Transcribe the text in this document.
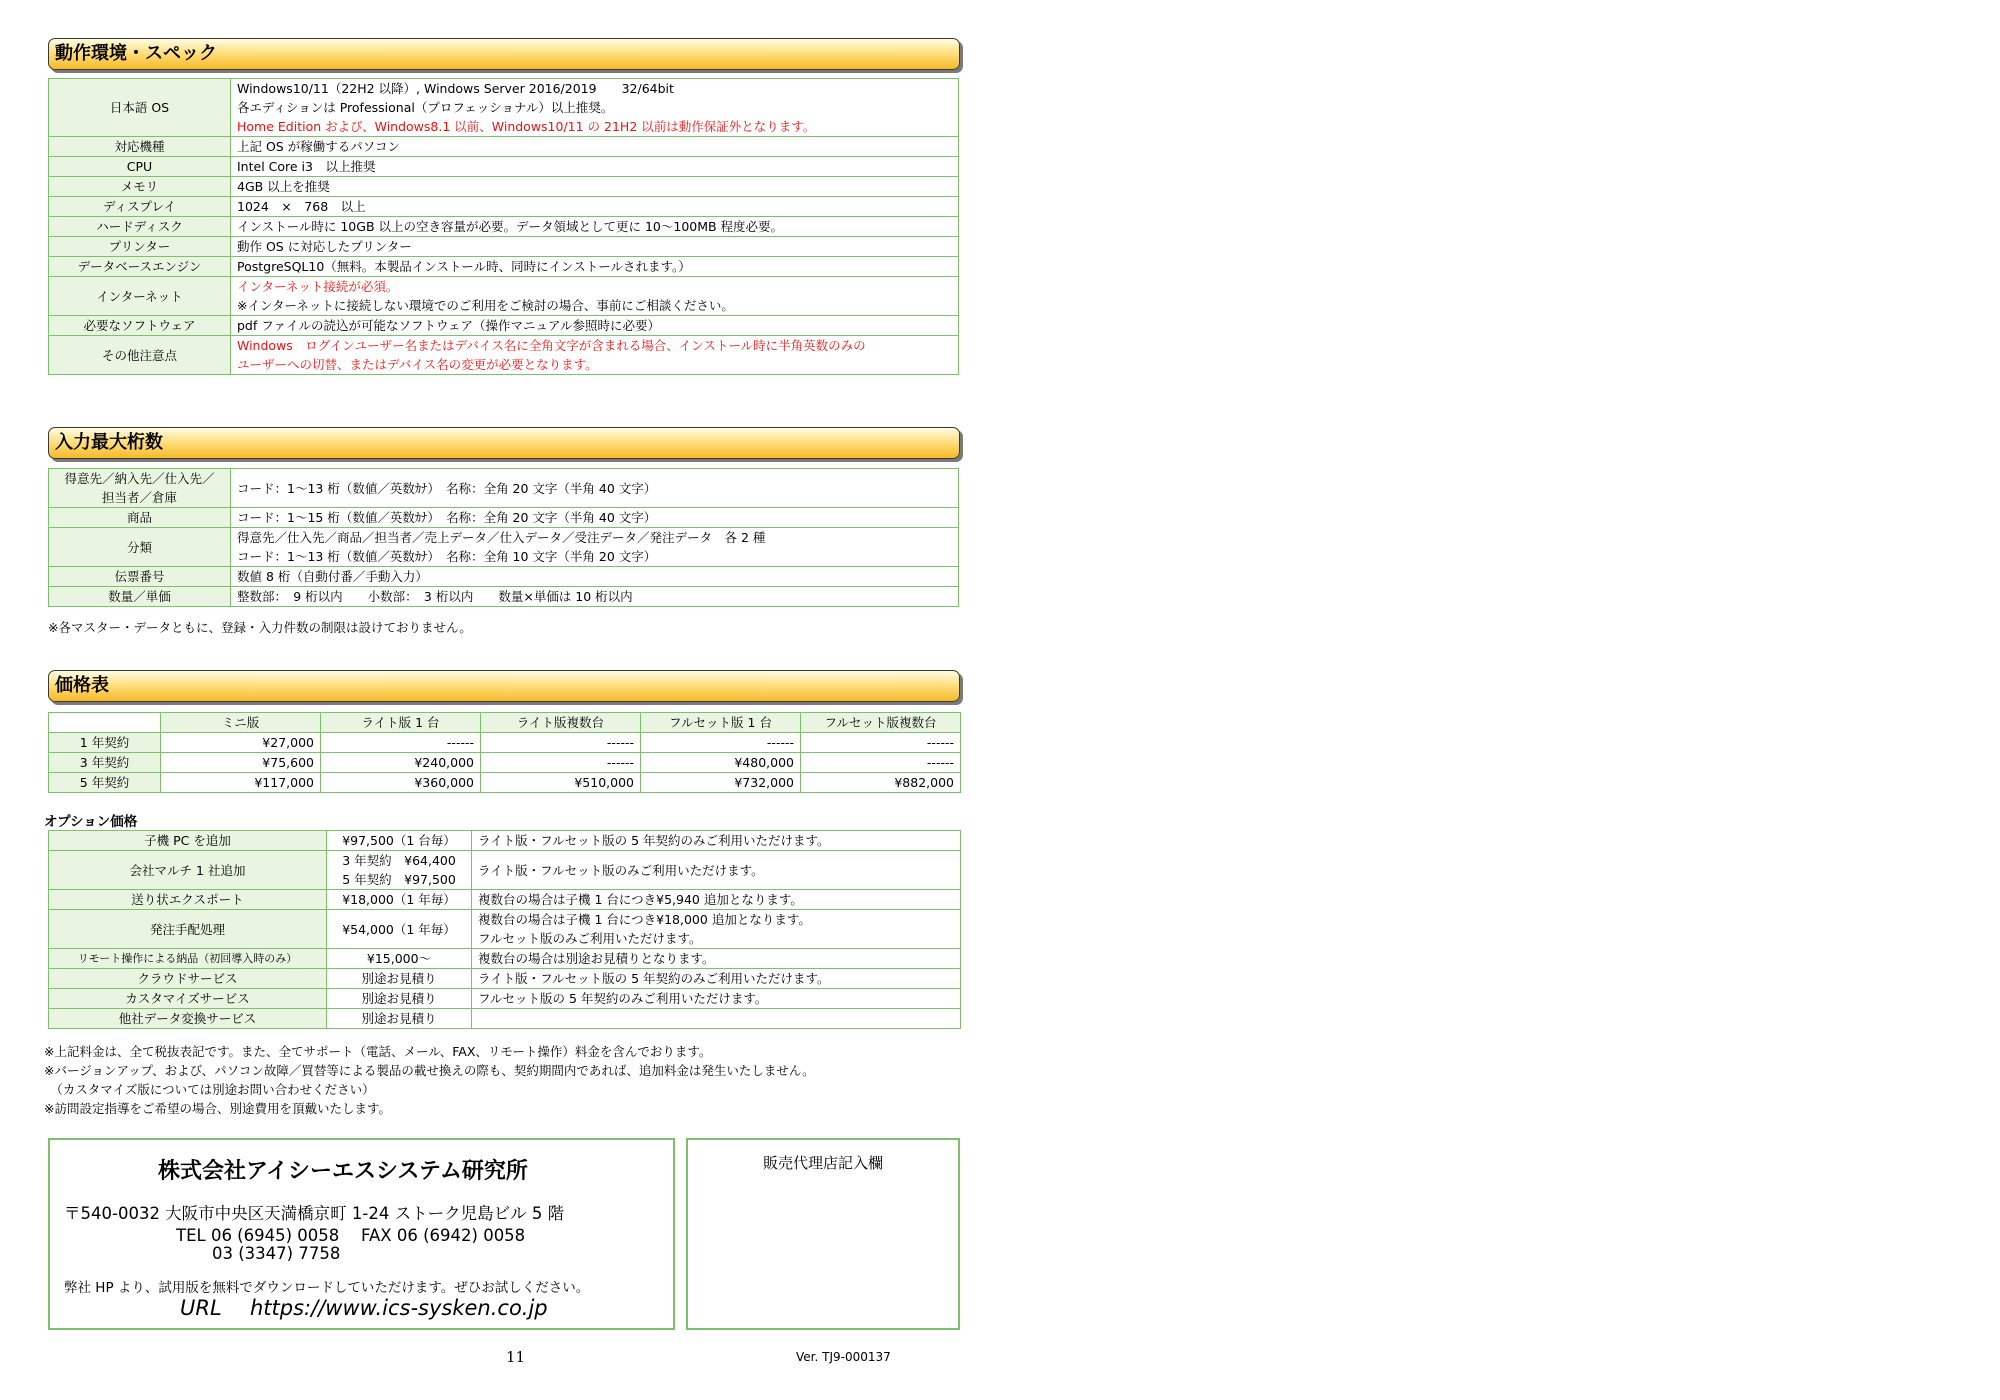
動作環境・スペック
日本語 OS	Windows10/11（22H2 以降）, Windows Server 2016/2019　　32/64bit
各エディションは Professional（プロフェッショナル）以上推奨。
Home Edition および、Windows8.1 以前、Windows10/11 の 21H2 以前は動作保証外となります。

対応機種	上記 OS が稼働するパソコン

CPU	Intel Core i3　以上推奨

メモリ	4GB 以上を推奨

ディスプレイ	1024　×　768　以上

ハードディスク	インストール時に 10GB 以上の空き容量が必要。データ領域として更に 10～100MB 程度必要。

プリンター	動作 OS に対応したプリンター

データベースエンジン	PostgreSQL10（無料。本製品インストール時、同時にインストールされます。）

インターネット	インターネット接続が必須。
※インターネットに接続しない環境でのご利用をご検討の場合、事前にご相談ください。

必要なソフトウェア	pdf ファイルの読込が可能なソフトウェア（操作マニュアル参照時に必要）

その他注意点	Windows　ログインユーザー名またはデバイス名に全角文字が含まれる場合、インストール時に半角英数のみの
ユーザーへの切替、またはデバイス名の変更が必要となります。
入力最大桁数
得意先／納入先／仕入先／
担当者／倉庫	コード：1～13 桁（数値／英数ｶﾅ）　名称：全角 20 文字（半角 40 文字）

商品	コード：1～15 桁（数値／英数ｶﾅ）　名称：全角 20 文字（半角 40 文字）

分類	得意先／仕入先／商品／担当者／売上データ／仕入データ／受注データ／発注データ　各 2 種
コード：1～13 桁（数値／英数ｶﾅ）　名称：全角 10 文字（半角 20 文字）

伝票番号	数値 8 桁（自動付番／手動入力）

数量／単価	整数部：　9 桁以内　　小数部：　3 桁以内　　数量×単価は 10 桁以内
※各マスター・データともに、登録・入力件数の制限は設けておりません。
価格表
	ミニ版	ライト版 1 台	ライト版複数台	フルセット版 1 台	フルセット版複数台
1 年契約	¥27,000	------	------	------	------
3 年契約	¥75,600	¥240,000	------	¥480,000	------
5 年契約	¥117,000	¥360,000	¥510,000	¥732,000	¥882,000
オプション価格
子機 PC を追加	¥97,500（1 台毎）	ライト版・フルセット版の 5 年契約のみご利用いただけます。

会社マルチ 1 社追加	3 年契約　¥64,400
5 年契約　¥97,500	ライト版・フルセット版のみご利用いただけます。

送り状エクスポート	¥18,000（1 年毎）	複数台の場合は子機 1 台につき¥5,940 追加となります。

発注手配処理	¥54,000（1 年毎）	複数台の場合は子機 1 台につき¥18,000 追加となります。
フルセット版のみご利用いただけます。

リモート操作による納品（初回導入時のみ）	¥15,000～	複数台の場合は別途お見積りとなります。

クラウドサービス	別途お見積り	ライト版・フルセット版の 5 年契約のみご利用いただけます。

カスタマイズサービス	別途お見積り	フルセット版の 5 年契約のみご利用いただけます。

他社データ変換サービス	別途お見積り	

※上記料金は、全て税抜表記です。また、全てサポート（電話、メール、FAX、リモート操作）料金を含んでおります。
※バージョンアップ、および、パソコン故障／買替等による製品の載せ換えの際も、契約期間内であれば、追加料金は発生いたしません。
　（カスタマイズ版については別途お問い合わせください）
※訪問設定指導をご希望の場合、別途費用を頂戴いたします。
株式会社アイシーエスシステム研究所
〒540-0032 大阪市中央区天満橋京町 1-24 ストーク児島ビル 5 階
TEL 06 (6945) 0058　 FAX 06 (6942) 0058
03 (3347) 7758
弊社 HP より、試用版を無料でダウンロードしていただけます。ぜひお試しください。
URL https://www.ics-sysken.co.jp
販売代理店記入欄
11	Ver. TJ9-000137
